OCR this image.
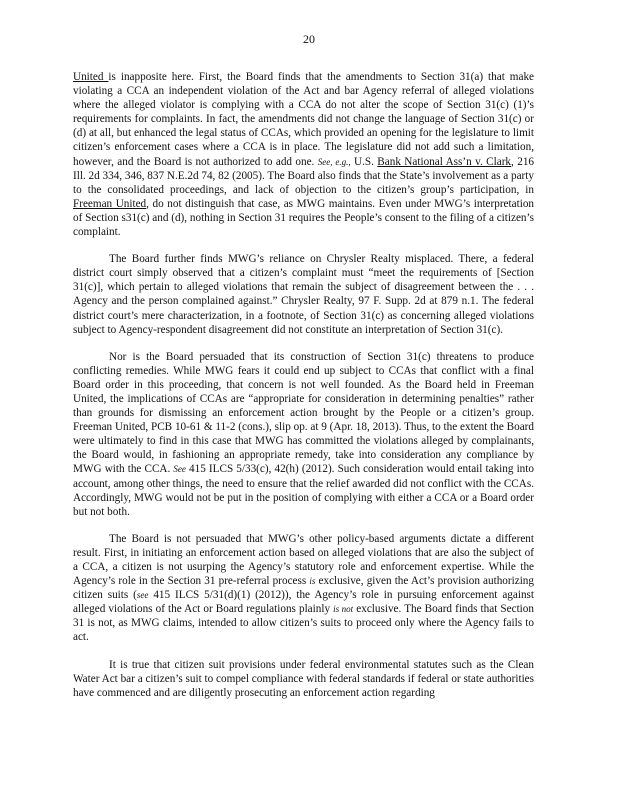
20

United is inapposite here. First, the Board finds that the amendments to Section 31(a) that make violating a CCA an independent violation of the Act and bar Agency referral of alleged violations where the alleged violator is complying with a CCA do not alter the scope of Section 31(c) (1)’s requirements for complaints. In fact, the amendments did not change the language of Section 31(c) or (d) at all, but enhanced the legal status of CCAs, which provided an opening for the legislature to limit citizen’s enforcement cases where a CCA is in place. The legislature did not add such a limitation, however, and the Board is not authorized to add one. See, e.g., U.S. Bank National Ass’n v. Clark, 216 Ill. 2d 334, 346, 837 N.E.2d 74, 82 (2005). The Board also finds that the State’s involvement as a party to the consolidated proceedings, and lack of objection to the citizen’s group’s participation, in Freeman United, do not distinguish that case, as MWG maintains. Even under MWG’s interpretation of Section s31(c) and (d), nothing in Section 31 requires the People’s consent to the filing of a citizen’s complaint.

The Board further finds MWG’s reliance on Chrysler Realty misplaced. There, a federal district court simply observed that a citizen’s complaint must “meet the requirements of [Section 31(c)], which pertain to alleged violations that remain the subject of disagreement between the . . . Agency and the person complained against.” Chrysler Realty, 97 F. Supp. 2d at 879 n.1. The federal district court’s mere characterization, in a footnote, of Section 31(c) as concerning alleged violations subject to Agency-respondent disagreement did not constitute an interpretation of Section 31(c).

Nor is the Board persuaded that its construction of Section 31(c) threatens to produce conflicting remedies. While MWG fears it could end up subject to CCAs that conflict with a final Board order in this proceeding, that concern is not well founded. As the Board held in Freeman United, the implications of CCAs are “appropriate for consideration in determining penalties” rather than grounds for dismissing an enforcement action brought by the People or a citizen’s group. Freeman United, PCB 10-61 & 11-2 (cons.), slip op. at 9 (Apr. 18, 2013). Thus, to the extent the Board were ultimately to find in this case that MWG has committed the violations alleged by complainants, the Board would, in fashioning an appropriate remedy, take into consideration any compliance by MWG with the CCA. See 415 ILCS 5/33(c), 42(h) (2012). Such consideration would entail taking into account, among other things, the need to ensure that the relief awarded did not conflict with the CCAs. Accordingly, MWG would not be put in the position of complying with either a CCA or a Board order but not both.

The Board is not persuaded that MWG’s other policy-based arguments dictate a different result. First, in initiating an enforcement action based on alleged violations that are also the subject of a CCA, a citizen is not usurping the Agency’s statutory role and enforcement expertise. While the Agency’s role in the Section 31 pre-referral process is exclusive, given the Act’s provision authorizing citizen suits (see 415 ILCS 5/31(d)(1) (2012)), the Agency’s role in pursuing enforcement against alleged violations of the Act or Board regulations plainly is not exclusive. The Board finds that Section 31 is not, as MWG claims, intended to allow citizen’s suits to proceed only where the Agency fails to act.

It is true that citizen suit provisions under federal environmental statutes such as the Clean Water Act bar a citizen’s suit to compel compliance with federal standards if federal or state authorities have commenced and are diligently prosecuting an enforcement action regarding
